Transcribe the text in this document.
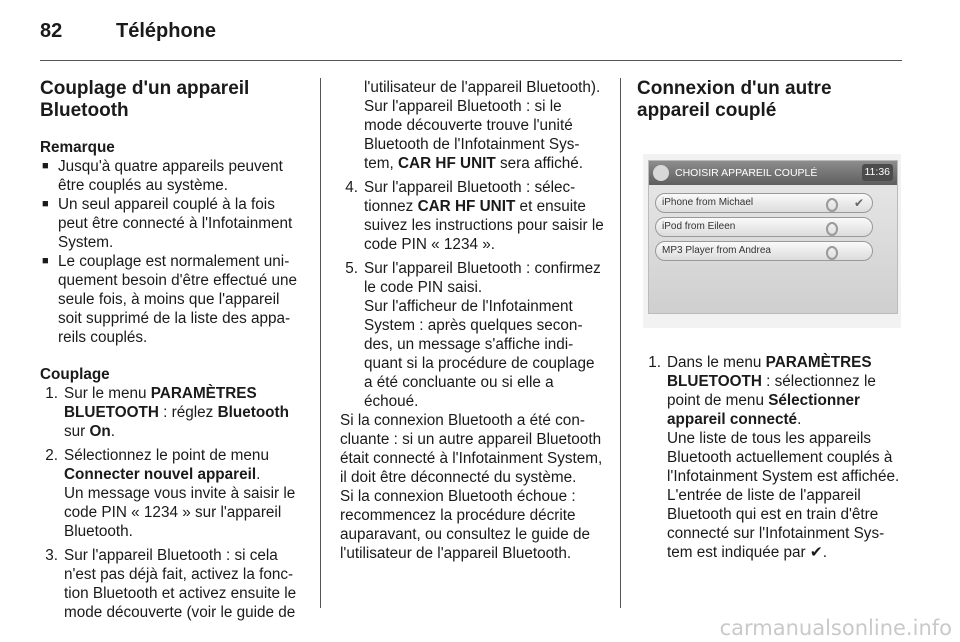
82	Téléphone

Couplage d'un appareil Bluetooth

Remarque

■ Jusqu'à quatre appareils peuvent être couplés au système.

■ Un seul appareil couplé à la fois peut être connecté à l'Infotainment System.

■ Le couplage est normalement uniquement besoin d'être effectué une seule fois, à moins que l'appareil soit supprimé de la liste des appareils couplés.

Couplage

1. Sur le menu PARAMÈTRES BLUETOOTH : réglez Bluetooth sur On.
2. Sélectionnez le point de menu Connecter nouvel appareil.

Un message vous invite à saisir le code PIN « 1234 » sur l'appareil Bluetooth.

3. Sur l'appareil Bluetooth : si cela n'est pas déjà fait, activez la fonction Bluetooth et activez ensuite le mode découverte (voir le guide de

l'utilisateur de l'appareil Bluetooth).

Sur l'appareil Bluetooth : si le mode découverte trouve l'unité Bluetooth de l'Infotainment System, CAR HF UNIT sera affiché.

4. Sur l'appareil Bluetooth : sélectionnez CAR HF UNIT et ensuite suivez les instructions pour saisir le code PIN « 1234 ».
5. Sur l'appareil Bluetooth : confirmez le code PIN saisi.

Sur l'afficheur de l'Infotainment System : après quelques secondes, un message s'affiche indiquant si la procédure de couplage a été concluante ou si elle a échoué.

Si la connexion Bluetooth a été concluante : si un autre appareil Bluetooth était connecté à l'Infotainment System, il doit être déconnecté du système.

Si la connexion Bluetooth échoue : recommencez la procédure décrite auparavant, ou consultez le guide de l'utilisateur de l'appareil Bluetooth.

Connexion d'un autre appareil couplé

CHOISIR APPAREIL COUPLÉ	11:36
iPhone from Michael	✔
iPod from Eileen
MP3 Player from Andrea
1. Dans le menu PARAMÈTRES BLUETOOTH : sélectionnez le point de menu Sélectionner appareil connecté.

Une liste de tous les appareils Bluetooth actuellement couplés à l'Infotainment System est affichée.

L'entrée de liste de l'appareil Bluetooth qui est en train d'être connecté sur l'Infotainment System est indiquée par ✔.

carmanualsonline.info
